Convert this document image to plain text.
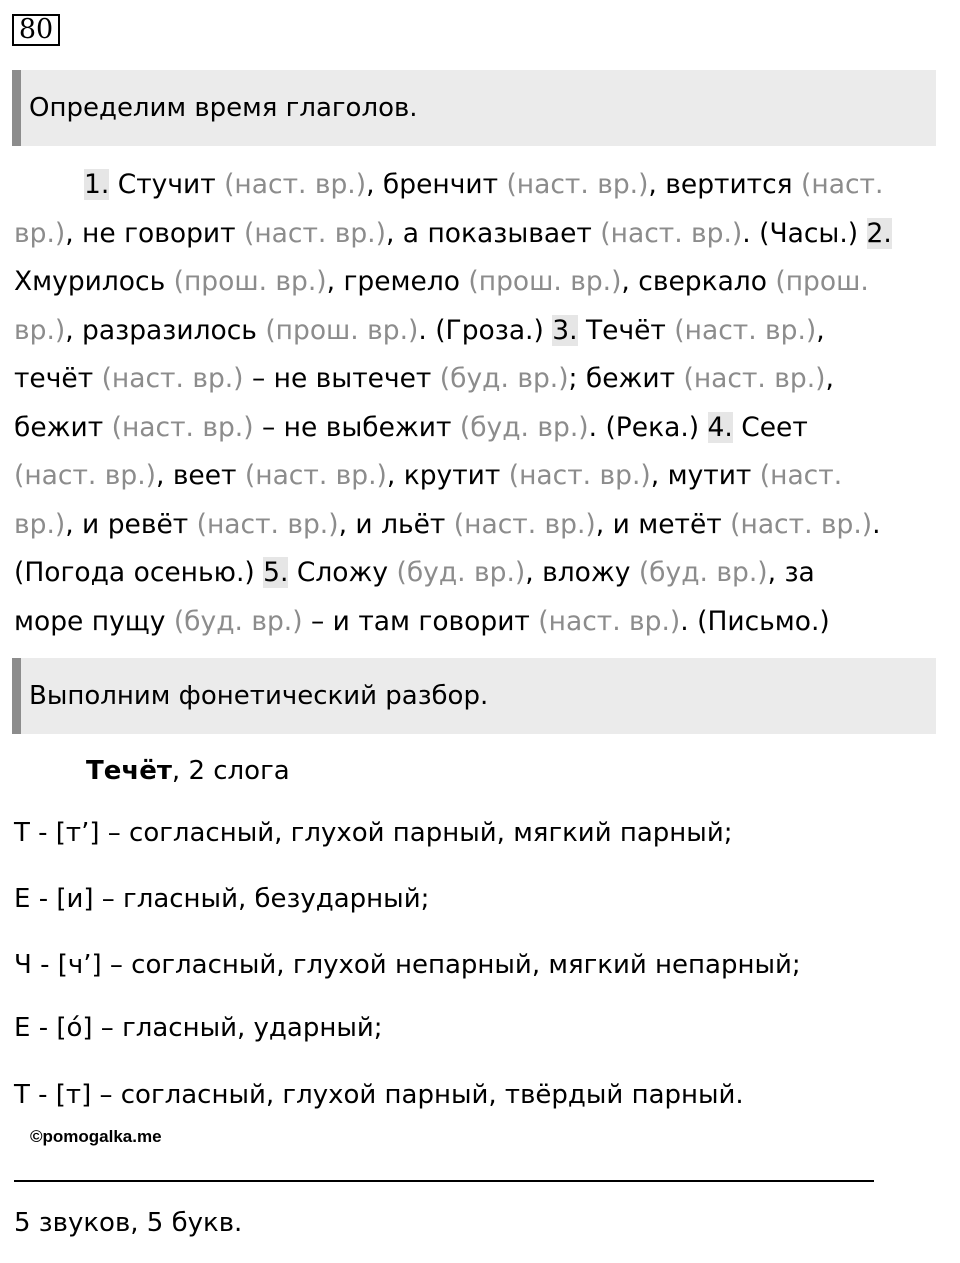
80
Определим время глаголов.

1. Стучит (наст. вр.), бренчит (наст. вр.), вертится (наст.
вр.), не говорит (наст. вр.), а показывает (наст. вр.). (Часы.) 2.
Хмурилось (прош. вр.), гремело (прош. вр.), сверкало (прош.
вр.), разразилось (прош. вр.). (Гроза.) 3. Течёт (наст. вр.),
течёт (наст. вр.) – не вытечет (буд. вр.); бежит (наст. вр.),
бежит (наст. вр.) – не выбежит (буд. вр.). (Река.) 4. Сеет
(наст. вр.), веет (наст. вр.), крутит (наст. вр.), мутит (наст.
вр.), и ревёт (наст. вр.), и льёт (наст. вр.), и метёт (наст. вр.).
(Погода осенью.) 5. Сложу (буд. вр.), вложу (буд. вр.), за
море пущу (буд. вр.) – и там говорит (наст. вр.). (Письмо.)

Выполним фонетический разбор.
Течёт, 2 слога
Т - [т’] – согласный, глухой парный, мягкий парный;
Е - [и] – гласный, безударный;
Ч - [ч’] – согласный, глухой непарный, мягкий непарный;
Е - [о́] – гласный, ударный;
Т - [т] – согласный, глухой парный, твёрдый парный.
©pomogalka.me
5 звуков, 5 букв.
